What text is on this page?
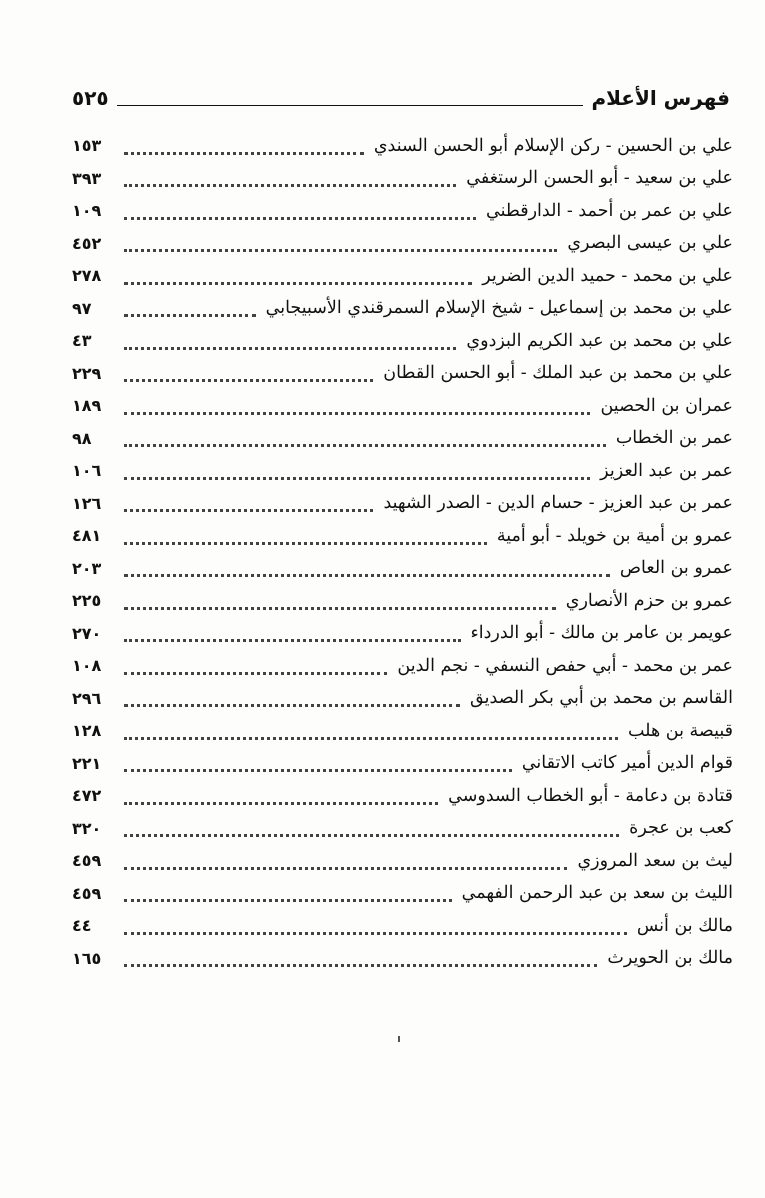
فهرس الأعلام
٥٢٥
علي بن الحسين - ركن الإسلام أبو الحسن السندي
١٥٣
علي بن سعيد - أبو الحسن الرستغفي
٣٩٣
علي بن عمر بن أحمد - الدارقطني
١٠٩
علي بن عيسى البصري
٤٥٢
علي بن محمد - حميد الدين الضرير
٢٧٨
علي بن محمد بن إسماعيل - شيخ الإسلام السمرقندي الأسبيجابي
٩٧
علي بن محمد بن عبد الكريم البزدوي
٤٣
علي بن محمد بن عبد الملك - أبو الحسن القطان
٢٢٩
عمران بن الحصين
١٨٩
عمر بن الخطاب
٩٨
عمر بن عبد العزيز
١٠٦
عمر بن عبد العزيز - حسام الدين - الصدر الشهيد
١٢٦
عمرو بن أمية بن خويلد - أبو أمية
٤٨١
عمرو بن العاص
٢٠٣
عمرو بن حزم الأنصاري
٢٢٥
عويمر بن عامر بن مالك - أبو الدرداء
٢٧٠
عمر بن محمد - أبي حفص النسفي - نجم الدين
١٠٨
القاسم بن محمد بن أبي بكر الصديق
٢٩٦
قبيصة بن هلب
١٢٨
قوام الدين أمير كاتب الاتقاني
٢٢١
قتادة بن دعامة - أبو الخطاب السدوسي
٤٧٢
كعب بن عجرة
٣٢٠
ليث بن سعد المروزي
٤٥٩
الليث بن سعد بن عبد الرحمن الفهمي
٤٥٩
مالك بن أنس
٤٤
مالك بن الحويرث
١٦٥
